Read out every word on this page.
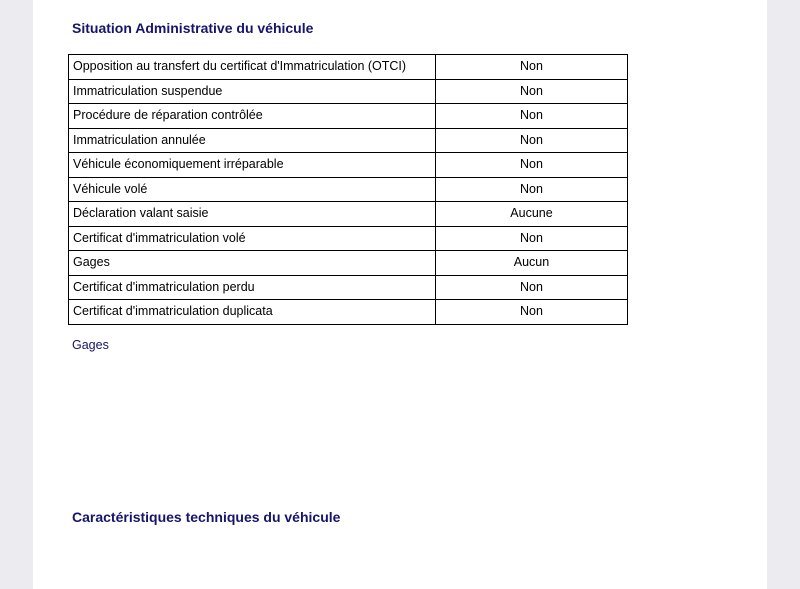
Situation Administrative du véhicule
Opposition au transfert du certificat d'Immatriculation (OTCI)	Non
Immatriculation suspendue	Non
Procédure de réparation contrôlée	Non
Immatriculation annulée	Non
Véhicule économiquement irréparable	Non
Véhicule volé	Non
Déclaration valant saisie	Aucune
Certificat d'immatriculation volé	Non
Gages	Aucun
Certificat d'immatriculation perdu	Non
Certificat d'immatriculation duplicata	Non
Gages
Caractéristiques techniques du véhicule
